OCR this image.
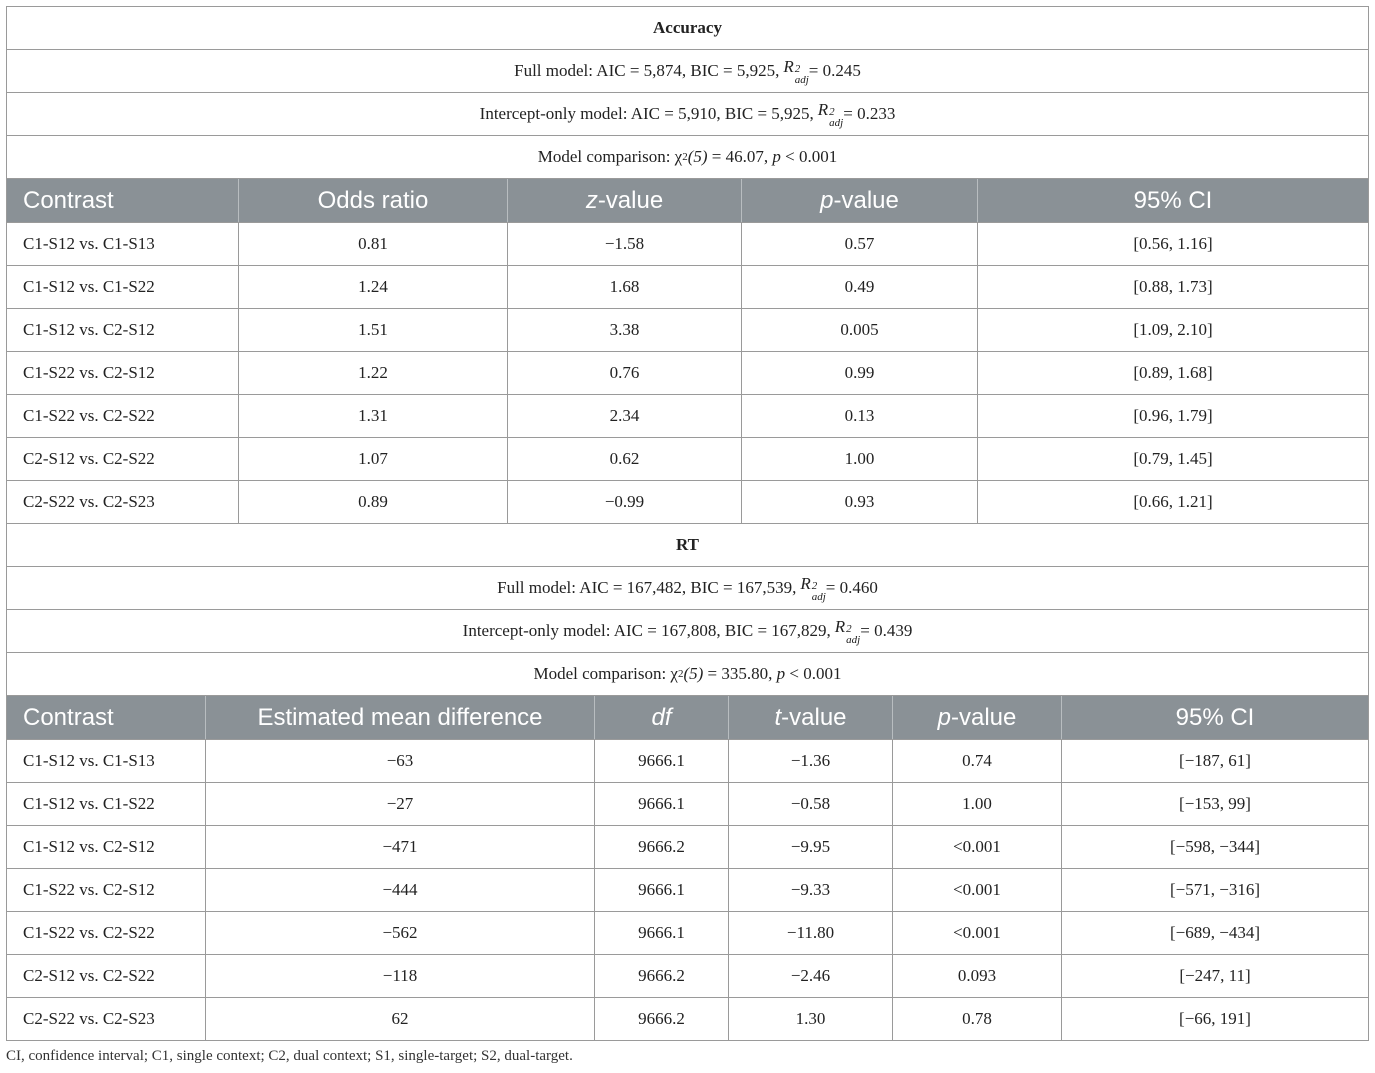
Accuracy
Full model: AIC = 5,874, BIC = 5,925, R 2
adj = 0.245
Intercept-only model: AIC = 5,910, BIC = 5,925, R 2
adj = 0.233
Model comparison: χ 2 (5) = 46.07, p < 0.001
Contrast	Odds ratio	z -value	p -value	95% CI
C1-S12 vs. C1-S13	0.81	−1.58	0.57	[0.56, 1.16]
C1-S12 vs. C1-S22	1.24	1.68	0.49	[0.88, 1.73]
C1-S12 vs. C2-S12	1.51	3.38	0.005	[1.09, 2.10]
C1-S22 vs. C2-S12	1.22	0.76	0.99	[0.89, 1.68]
C1-S22 vs. C2-S22	1.31	2.34	0.13	[0.96, 1.79]
C2-S12 vs. C2-S22	1.07	0.62	1.00	[0.79, 1.45]
C2-S22 vs. C2-S23	0.89	−0.99	0.93	[0.66, 1.21]
RT
Full model: AIC = 167,482, BIC = 167,539, R 2
adj = 0.460
Intercept-only model: AIC = 167,808, BIC = 167,829, R 2
adj = 0.439
Model comparison: χ 2 (5) = 335.80, p < 0.001
Contrast	Estimated mean difference	df	t -value	p -value	95% CI
C1-S12 vs. C1-S13	−63	9666.1	−1.36	0.74	[−187, 61]
C1-S12 vs. C1-S22	−27	9666.1	−0.58	1.00	[−153, 99]
C1-S12 vs. C2-S12	−471	9666.2	−9.95	<0.001	[−598, −344]
C1-S22 vs. C2-S12	−444	9666.1	−9.33	<0.001	[−571, −316]
C1-S22 vs. C2-S22	−562	9666.1	−11.80	<0.001	[−689, −434]
C2-S12 vs. C2-S22	−118	9666.2	−2.46	0.093	[−247, 11]
C2-S22 vs. C2-S23	62	9666.2	1.30	0.78	[−66, 191]
CI, confidence interval; C1, single context; C2, dual context; S1, single-target; S2, dual-target.
